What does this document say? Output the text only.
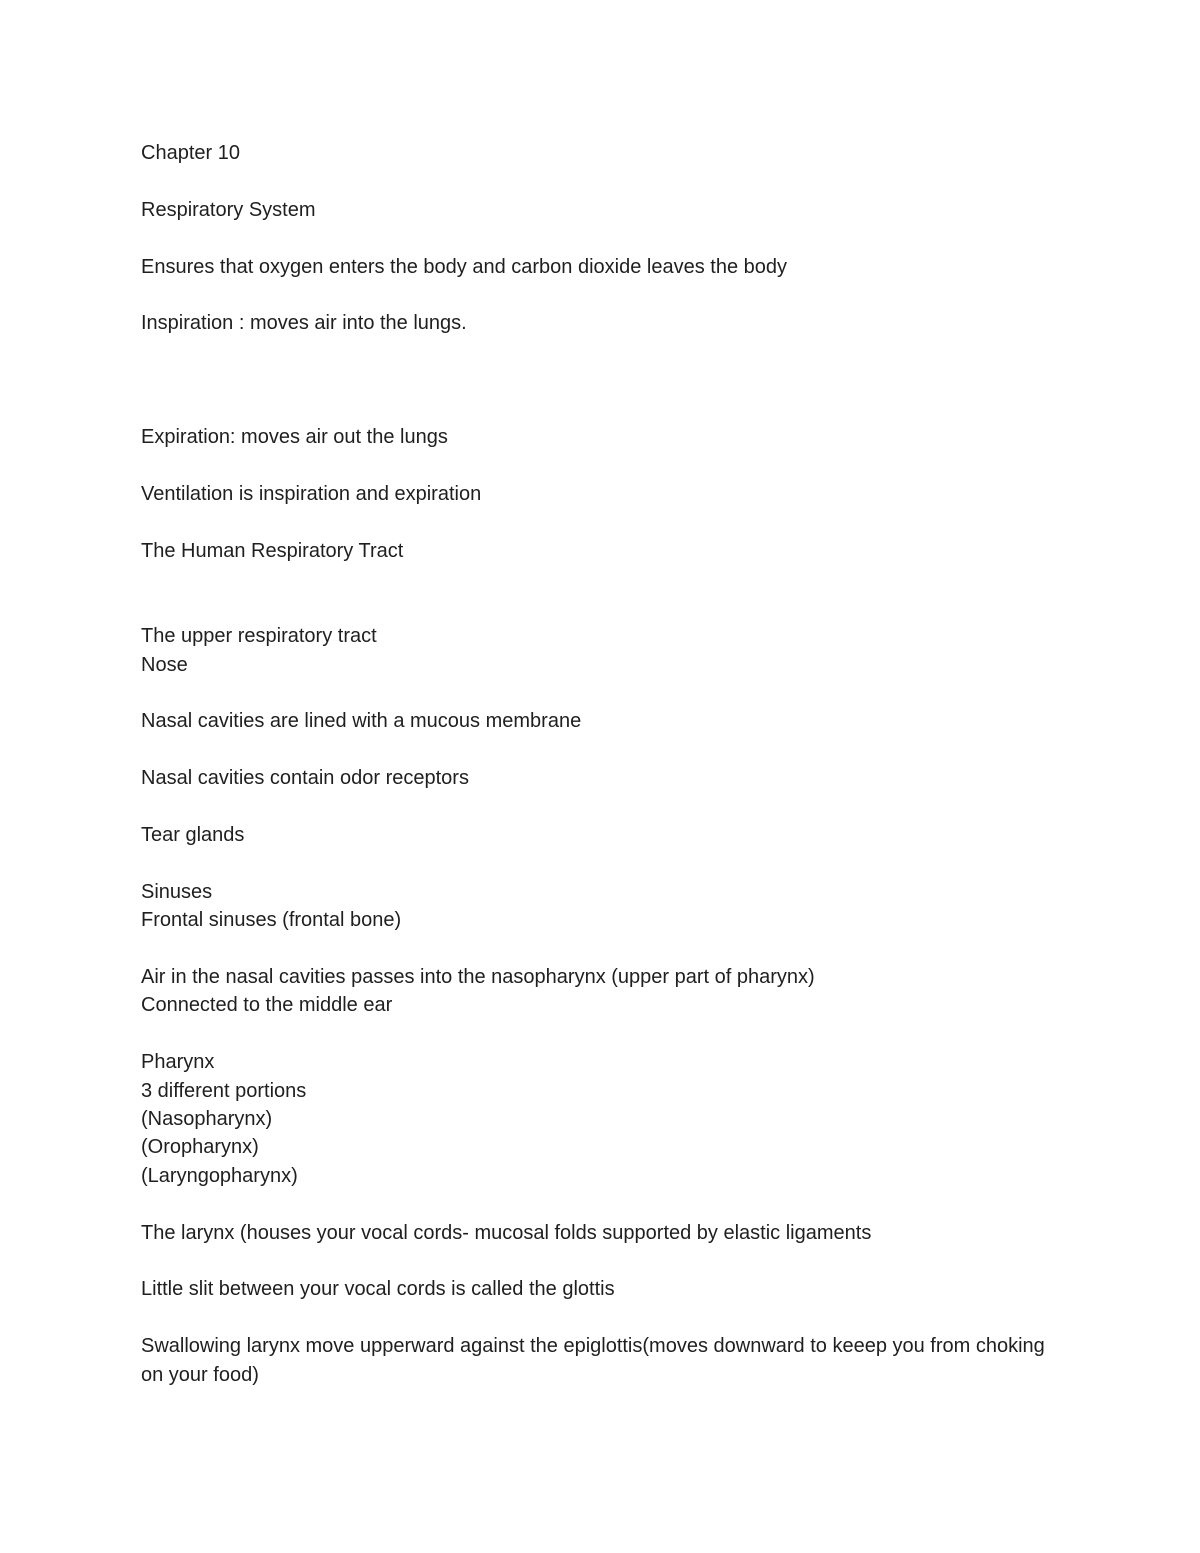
Chapter 10

Respiratory System

Ensures that oxygen enters the body and carbon dioxide leaves the body

Inspiration : moves air into the lungs.

Expiration: moves air out the lungs

Ventilation is inspiration and expiration

The Human Respiratory Tract

The upper respiratory tract

Nose

Nasal cavities are lined with a mucous membrane

Nasal cavities contain odor receptors

Tear glands

Sinuses

Frontal sinuses (frontal bone)

Air in the nasal cavities passes into the nasopharynx (upper part of pharynx)

Connected to the middle ear

Pharynx

3 different portions

(Nasopharynx)

(Oropharynx)

(Laryngopharynx)

The larynx (houses your vocal cords- mucosal folds supported by elastic ligaments

Little slit between your vocal cords is called the glottis

Swallowing larynx move upperward against the epiglottis(moves downward to keeep you from choking on your food)
